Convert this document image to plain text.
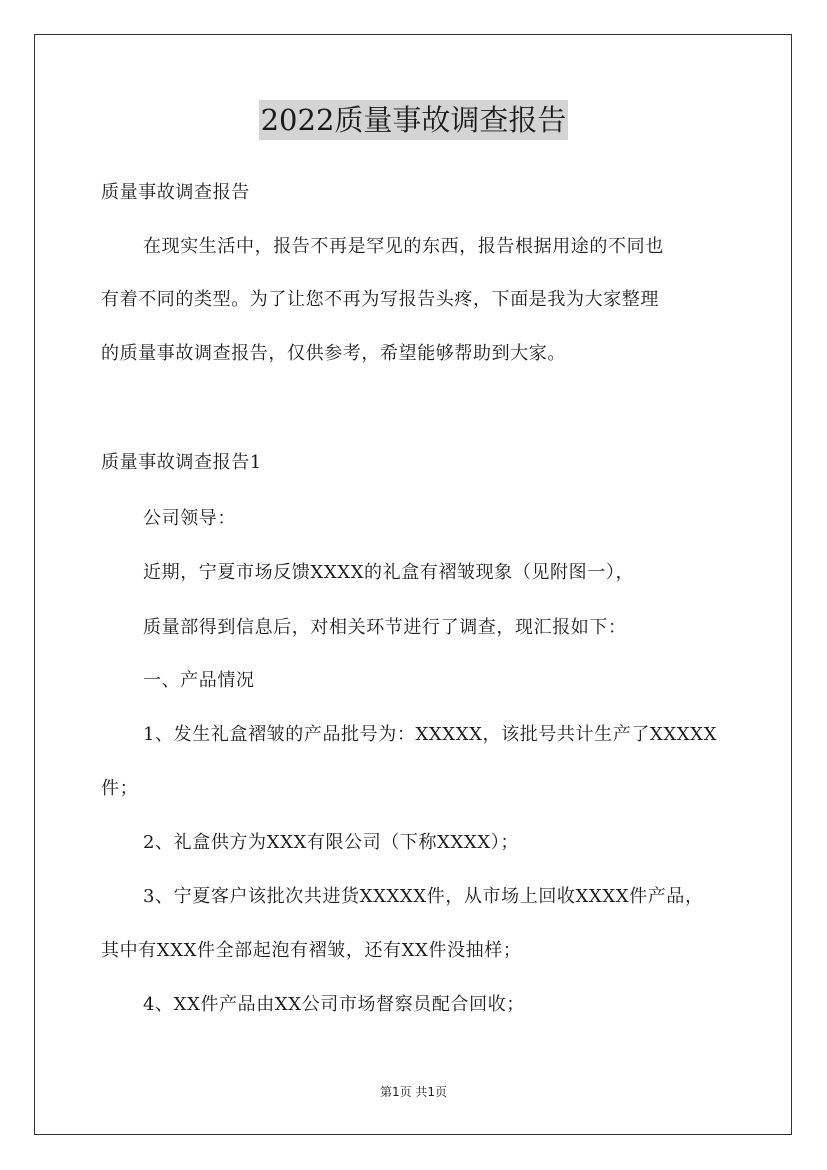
2022质量事故调查报告
质量事故调查报告
在现实生活中，报告不再是罕见的东西，报告根据用途的不同也
有着不同的类型。为了让您不再为写报告头疼，下面是我为大家整理
的质量事故调查报告，仅供参考，希望能够帮助到大家。
质量事故调查报告1
公司领导：
近期，宁夏市场反馈XXXX的礼盒有褶皱现象（见附图一），
质量部得到信息后，对相关环节进行了调查，现汇报如下：
一、产品情况
1、发生礼盒褶皱的产品批号为：XXXXX，该批号共计生产了XXXXX
件；
2、礼盒供方为XXX有限公司（下称XXXX）；
3、宁夏客户该批次共进货XXXXX件，从市场上回收XXXX件产品，
其中有XXX件全部起泡有褶皱，还有XX件没抽样；
4、XX件产品由XX公司市场督察员配合回收；
第1页 共1页
